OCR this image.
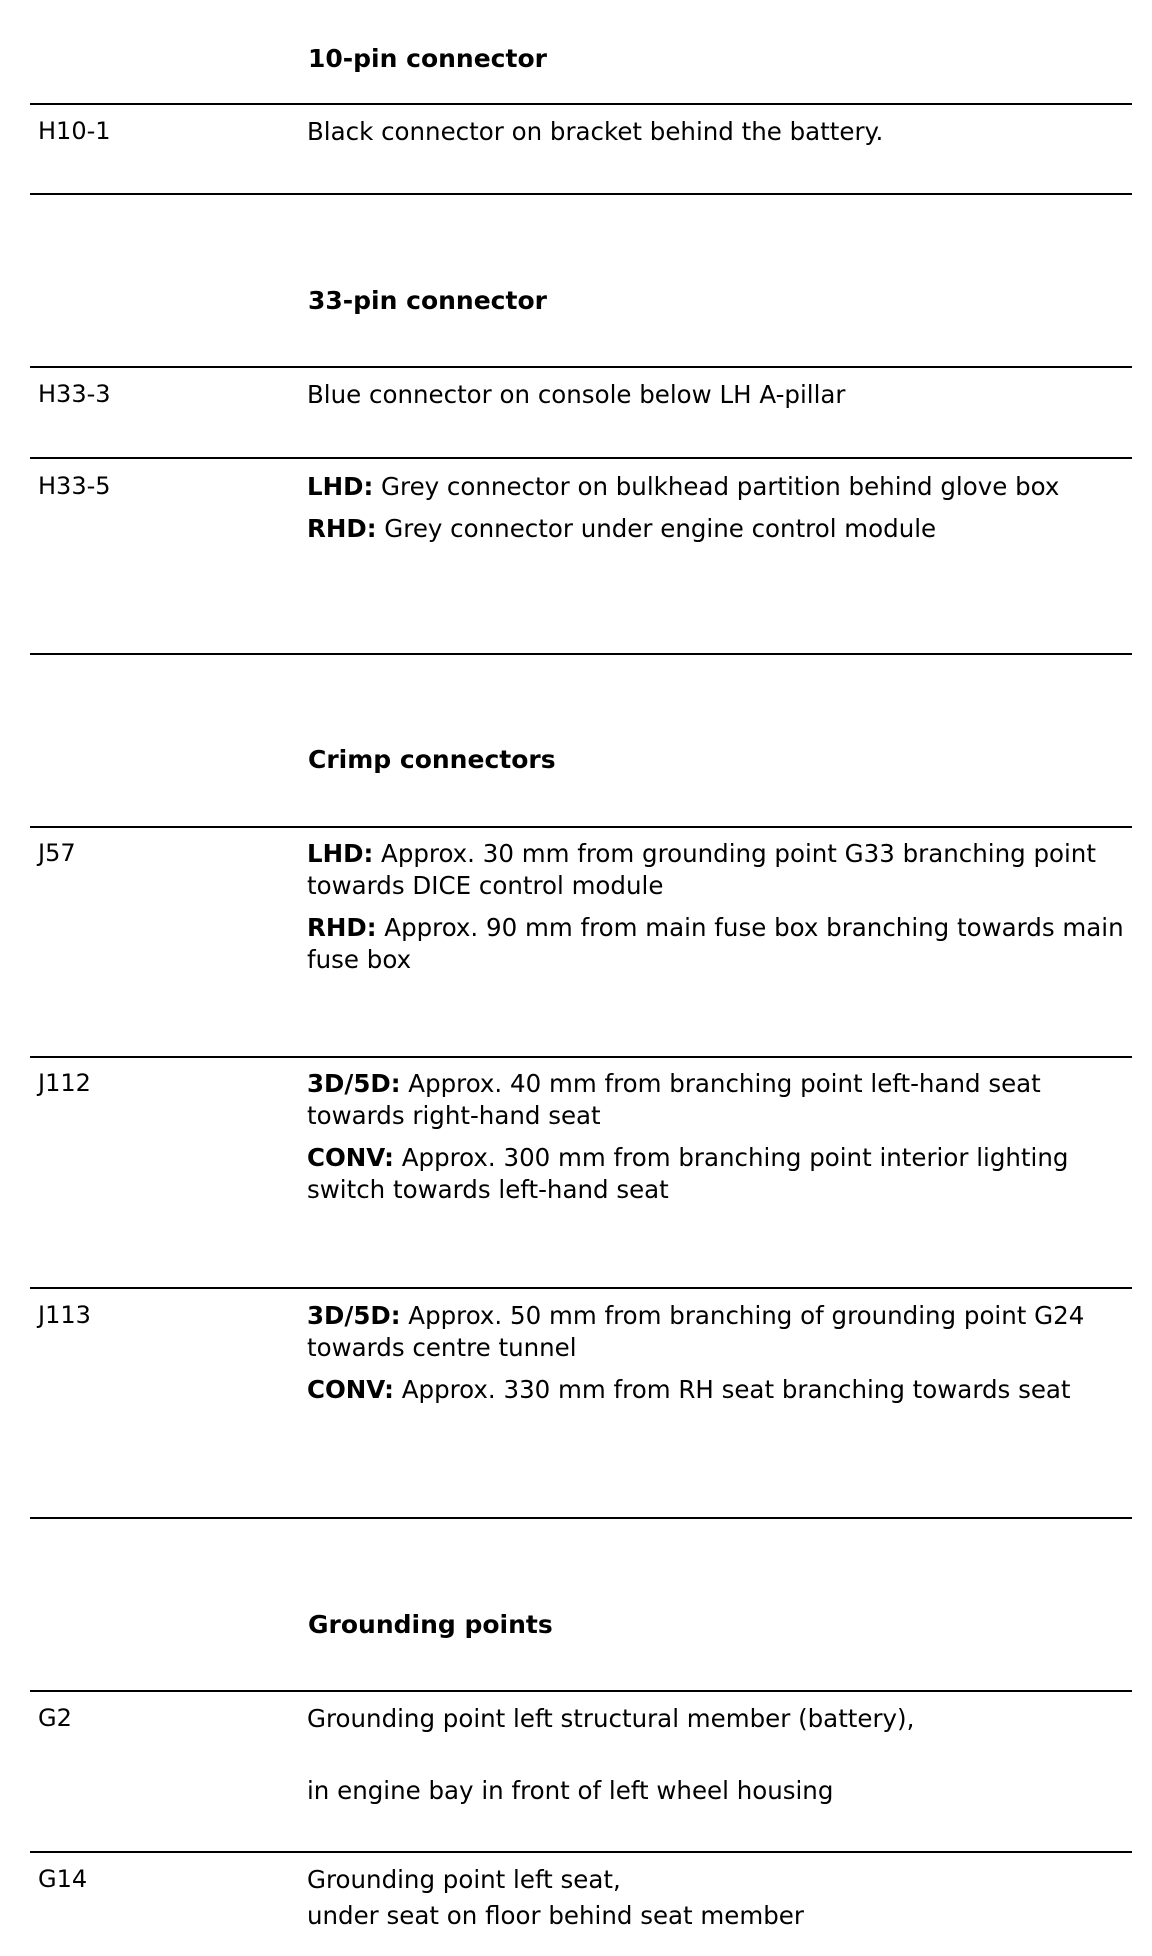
10-pin connector
H10-1	Black connector on bracket behind the battery.

33-pin connector
H33-3	Blue connector on console below LH A-pillar

H33-5	LHD: Grey connector on bulkhead partition behind glove box

RHD: Grey connector under engine control module

Crimp connectors
J57	LHD: Approx. 30 mm from grounding point G33 branching point towards DICE control module

RHD: Approx. 90 mm from main fuse box branching towards main fuse box

J112	3D/5D: Approx. 40 mm from branching point left-hand seat towards right-hand seat

CONV: Approx. 300 mm from branching point interior lighting switch towards left-hand seat

J113	3D/5D: Approx. 50 mm from branching of grounding point G24 towards centre tunnel

CONV: Approx. 330 mm from RH seat branching towards seat

Grounding points
G2	Grounding point left structural member (battery),

in engine bay in front of left wheel housing

G14	Grounding point left seat,

under seat on floor behind seat member
